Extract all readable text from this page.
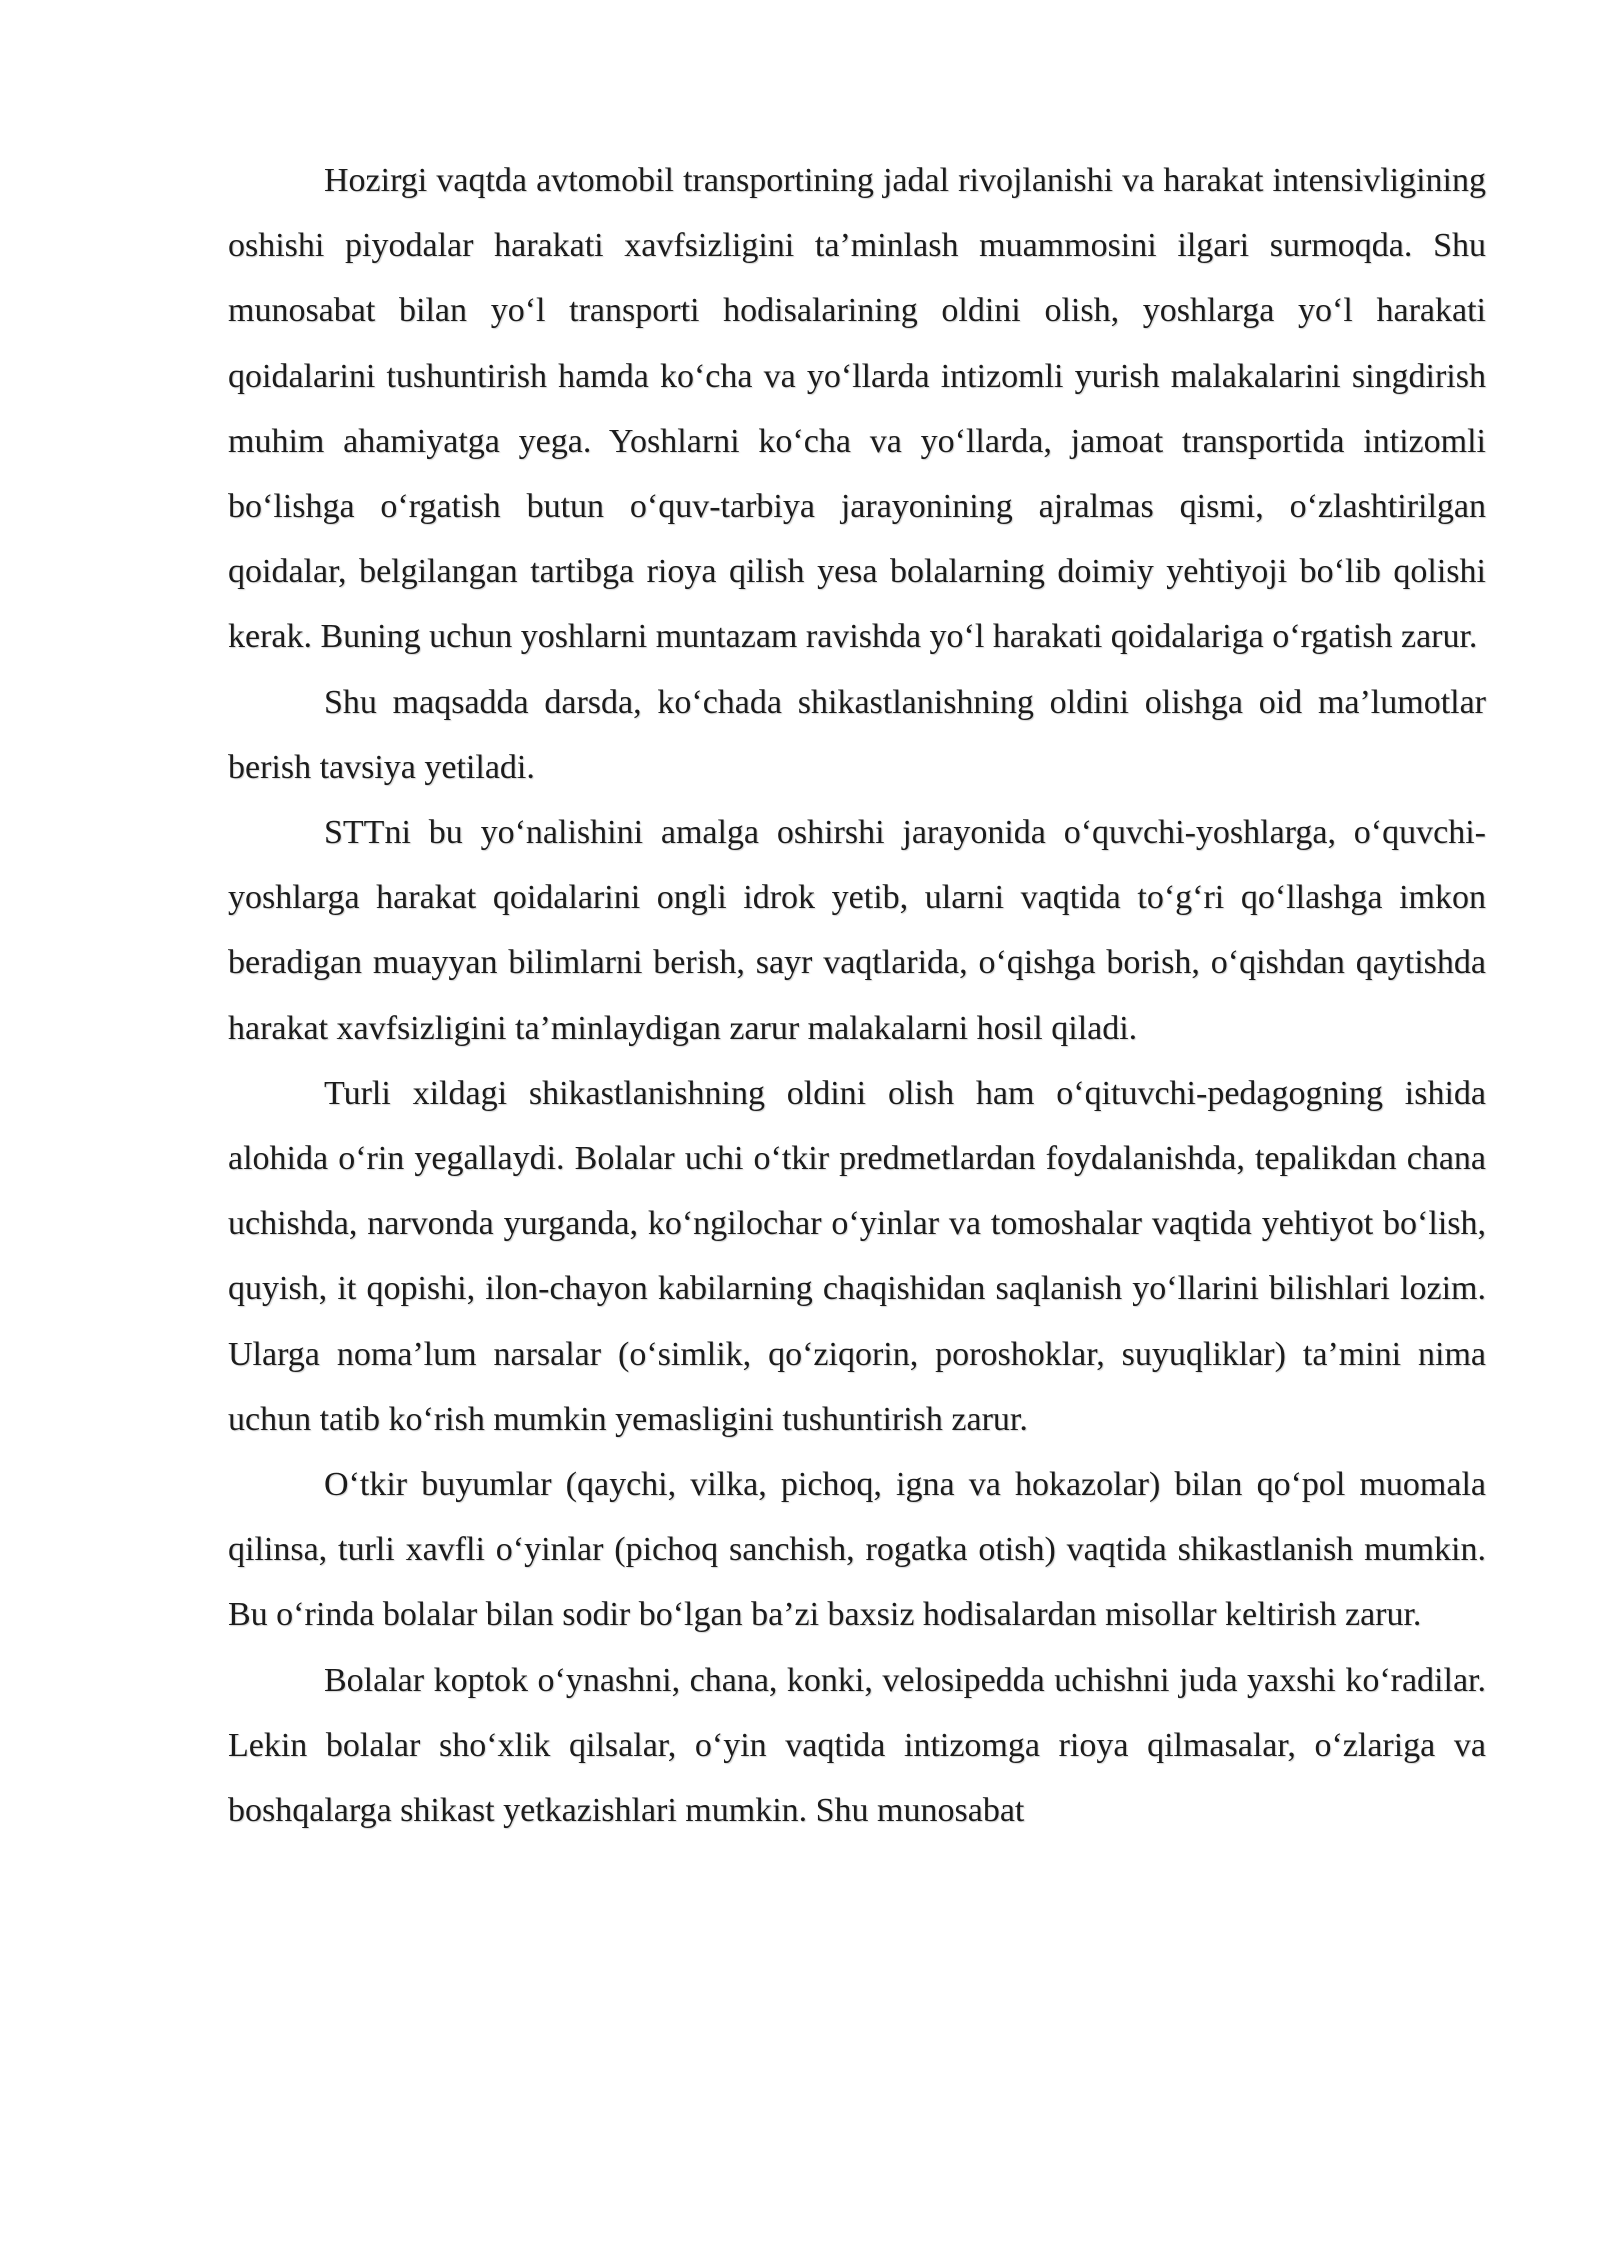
Hozirgi vaqtda avtomobil transportining jadal rivojlanishi va harakat intensivligining oshishi piyodalar harakati xavfsizligini ta’minlash muammosini ilgari surmoqda. Shu munosabat bilan yo‘l transporti hodisalarining oldini olish, yoshlarga yo‘l harakati qoidalarini tushuntirish hamda ko‘cha va yo‘llarda intizomli yurish malakalarini singdirish muhim ahamiyatga yega. Yoshlarni ko‘cha va yo‘llarda, jamoat transportida intizomli bo‘lishga o‘rgatish butun o‘quv-tarbiya jarayonining ajralmas qismi, o‘zlashtirilgan qoidalar, belgilangan tartibga rioya qilish yesa bolalarning doimiy yehtiyoji bo‘lib qolishi kerak. Buning uchun yoshlarni muntazam ravishda yo‘l harakati qoidalariga o‘rgatish zarur.

Shu maqsadda darsda, ko‘chada shikastlanishning oldini olishga oid ma’lumotlar berish tavsiya yetiladi.

STTni bu yo‘nalishini amalga oshirshi jarayonida o‘quvchi-yoshlarga, o‘quvchi-yoshlarga harakat qoidalarini ongli idrok yetib, ularni vaqtida to‘g‘ri qo‘llashga imkon beradigan muayyan bilimlarni berish, sayr vaqtlarida, o‘qishga borish, o‘qishdan qaytishda harakat xavfsizligini ta’minlaydigan zarur malakalarni hosil qiladi.

Turli xildagi shikastlanishning oldini olish ham o‘qituvchi-pedagogning ishida alohida o‘rin yegallaydi. Bolalar uchi o‘tkir predmetlardan foydalanishda, tepalikdan chana uchishda, narvonda yurganda, ko‘ngilochar o‘yinlar va tomoshalar vaqtida yehtiyot bo‘lish, quyish, it qopishi, ilon-chayon kabilarning chaqishidan saqlanish yo‘llarini bilishlari lozim. Ularga noma’lum narsalar (o‘simlik, qo‘ziqorin, poroshoklar, suyuqliklar) ta’mini nima uchun tatib ko‘rish mumkin yemasligini tushuntirish zarur.

O‘tkir buyumlar (qaychi, vilka, pichoq, igna va hokazolar) bilan qo‘pol muomala qilinsa, turli xavfli o‘yinlar (pichoq sanchish, rogatka otish) vaqtida shikastlanish mumkin. Bu o‘rinda bolalar bilan sodir bo‘lgan ba’zi baxsiz hodisalardan misollar keltirish zarur.

Bolalar koptok o‘ynashni, chana, konki, velosipedda uchishni juda yaxshi ko‘radilar. Lekin bolalar sho‘xlik qilsalar, o‘yin vaqtida intizomga rioya qilmasalar, o‘zlariga va boshqalarga shikast yetkazishlari mumkin. Shu munosabat
